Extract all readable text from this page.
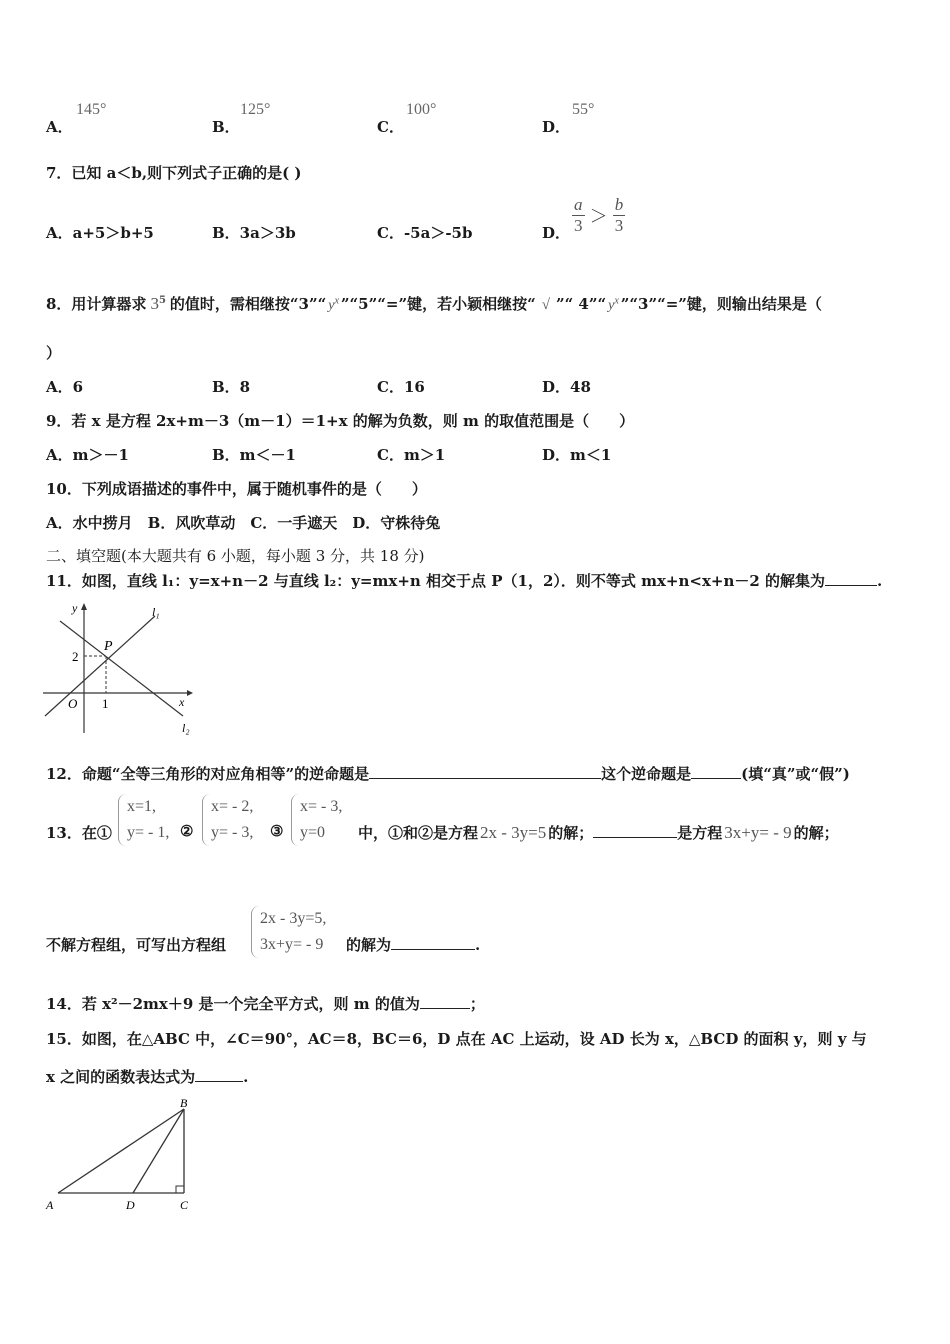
A．
145°
B．
125°
C．
100°
D．
55°
7．已知 a＜b,则下列式子正确的是( )
A．a+5＞b+5	B．3a＞3b	C．-5a＞-5b	D． $\frac{a}{3} > \frac{b}{3}$
8．用计算器求 $3^5$ 的值时，需相继按“3”“ $y^x$ ”“5”“=”键，若小颖相继按“ √ ”“ 4”“ $y^x$ ”“3”“=”键，则输出结果是（
）
A．6	B．8	C．16	D．48
9．若 x 是方程 2x+m－3（m－1）＝1+x 的解为负数，则 m 的取值范围是（　　）
A．m＞－1	B．m＜－1	C．m＞1	D．m＜1
10．下列成语描述的事件中，属于随机事件的是（　　）
A．水中捞月　B．风吹草动　C．一手遮天　D．守株待兔
二、填空题(本大题共有 6 小题，每小题 3 分，共 18 分)
11．如图，直线 l₁：y=x+n－2 与直线 l₂：y=mx+n 相交于点 P（1，2）．则不等式 mx+n<x+n－2 的解集为	.
y
x
O
P
2
1
l₁
l₂
12．命题“全等三角形的对应角相等”的逆命题是	这个逆命题是	(填“真”或“假”)
13．在①
x=1,
y= - 1, ②
x= - 2,
y= - 3, ③
x= - 3,
y=0	中，①和②是方程 2x - 3y=5 的解；	是方程 3x+y= - 9 的解；
不解方程组，可写出方程组
2x - 3y=5,
3x+y= - 9 的解为	.
14．若 x²－2mx＋9 是一个完全平方式，则 m 的值为	；
15．如图，在△ABC 中，∠C＝90°，AC＝8，BC＝6，D 点在 AC 上运动，设 AD 长为 x，△BCD 的面积 y，则 y 与
x 之间的函数表达式为	.
A
B
C
D
